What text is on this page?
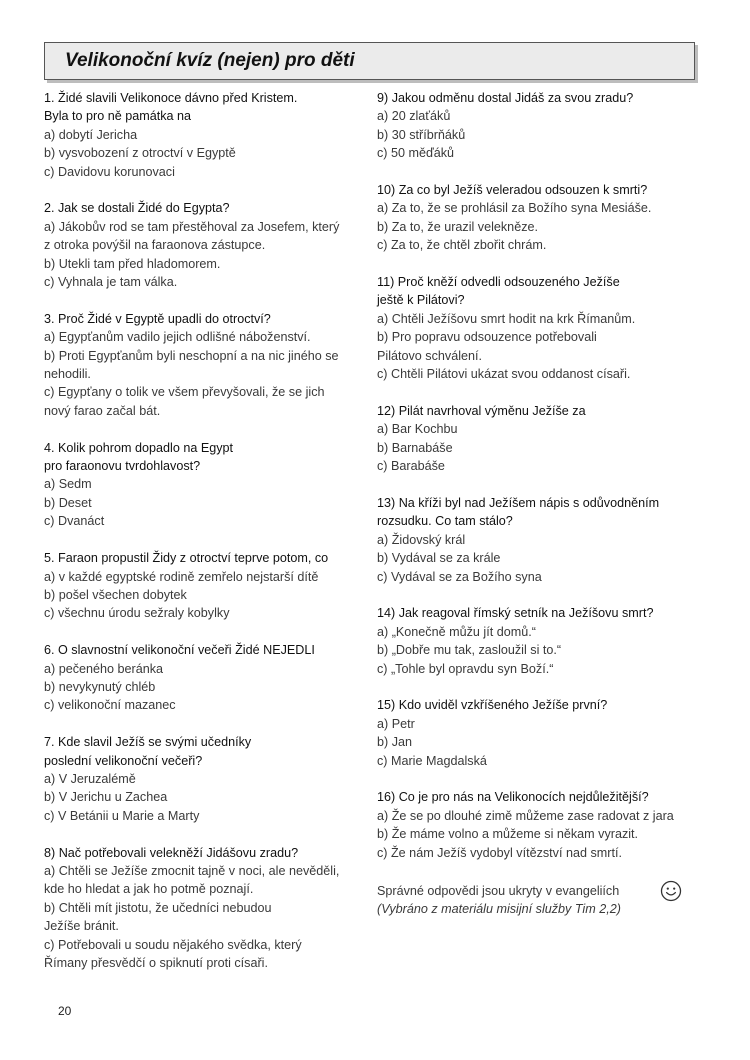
Velikonoční kvíz (nejen) pro děti

1. Židé slavili Velikonoce dávno před Kristem.

Byla to pro ně památka na

a) dobytí Jericha

b) vysvobození z otroctví v Egyptě

c) Davidovu korunovaci

2. Jak se dostali Židé do Egypta?

a) Jákobův rod se tam přestěhoval za Josefem, který

z otroka povýšil na faraonova zástupce.

b) Utekli tam před hladomorem.

c) Vyhnala je tam válka.

3. Proč Židé v Egyptě upadli do otroctví?

a) Egypťanům vadilo jejich odlišné náboženství.

b) Proti Egypťanům byli neschopní a na nic jiného se

nehodili.

c) Egypťany o tolik ve všem převyšovali, že se jich

nový farao začal bát.

4. Kolik pohrom dopadlo na Egypt

pro faraonovu tvrdohlavost?

a) Sedm

b) Deset

c) Dvanáct

5. Faraon propustil Židy z otroctví teprve potom, co

a) v každé egyptské rodině zemřelo nejstarší dítě

b) pošel všechen dobytek

c) všechnu úrodu sežraly kobylky

6. O slavnostní velikonoční večeři Židé NEJEDLI

a) pečeného beránka

b) nevykynutý chléb

c) velikonoční mazanec

7. Kde slavil Ježíš se svými učedníky

poslední velikonoční večeři?

a) V Jeruzalémě

b) V Jerichu u Zachea

c) V Betánii u Marie a Marty

8) Nač potřebovali velekněží Jidášovu zradu?

a) Chtěli se Ježíše zmocnit tajně v noci, ale nevěděli,

kde ho hledat a jak ho potmě poznají.

b) Chtěli mít jistotu, že učedníci nebudou

Ježíše bránit.

c) Potřebovali u soudu nějakého svědka, který

Římany přesvědčí o spiknutí proti císaři.

9) Jakou odměnu dostal Jidáš za svou zradu?

a) 20 zlaťáků

b) 30 stříbrňáků

c) 50 měďáků

10) Za co byl Ježíš veleradou odsouzen k smrti?

a) Za to, že se prohlásil za Božího syna Mesiáše.

b) Za to, že urazil velekněze.

c) Za to, že chtěl zbořit chrám.

11) Proč kněží odvedli odsouzeného Ježíše

ještě k Pilátovi?

a) Chtěli Ježíšovu smrt hodit na krk Římanům.

b) Pro popravu odsouzence potřebovali

Pilátovo schválení.

c) Chtěli Pilátovi ukázat svou oddanost císaři.

12) Pilát navrhoval výměnu Ježíše za

a) Bar Kochbu

b) Barnabáše

c) Barabáše

13) Na kříži byl nad Ježíšem nápis s odůvodněním

rozsudku. Co tam stálo?

a) Židovský král

b) Vydával se za krále

c) Vydával se za Božího syna

14) Jak reagoval římský setník na Ježíšovu smrt?

a) „Konečně můžu jít domů.“

b) „Dobře mu tak, zasloužil si to.“

c) „Tohle byl opravdu syn Boží.“

15) Kdo uviděl vzkříšeného Ježíše první?

a) Petr

b) Jan

c) Marie Magdalská

16) Co je pro nás na Velikonocích nejdůležitější?

a) Že se po dlouhé zimě můžeme zase radovat z jara

b) Že máme volno a můžeme si někam vyrazit.

c) Že nám Ježíš vydobyl vítězství nad smrtí.

Správné odpovědi jsou ukryty v evangeliích

(Vybráno z materiálu misijní služby Tim 2,2)

20
